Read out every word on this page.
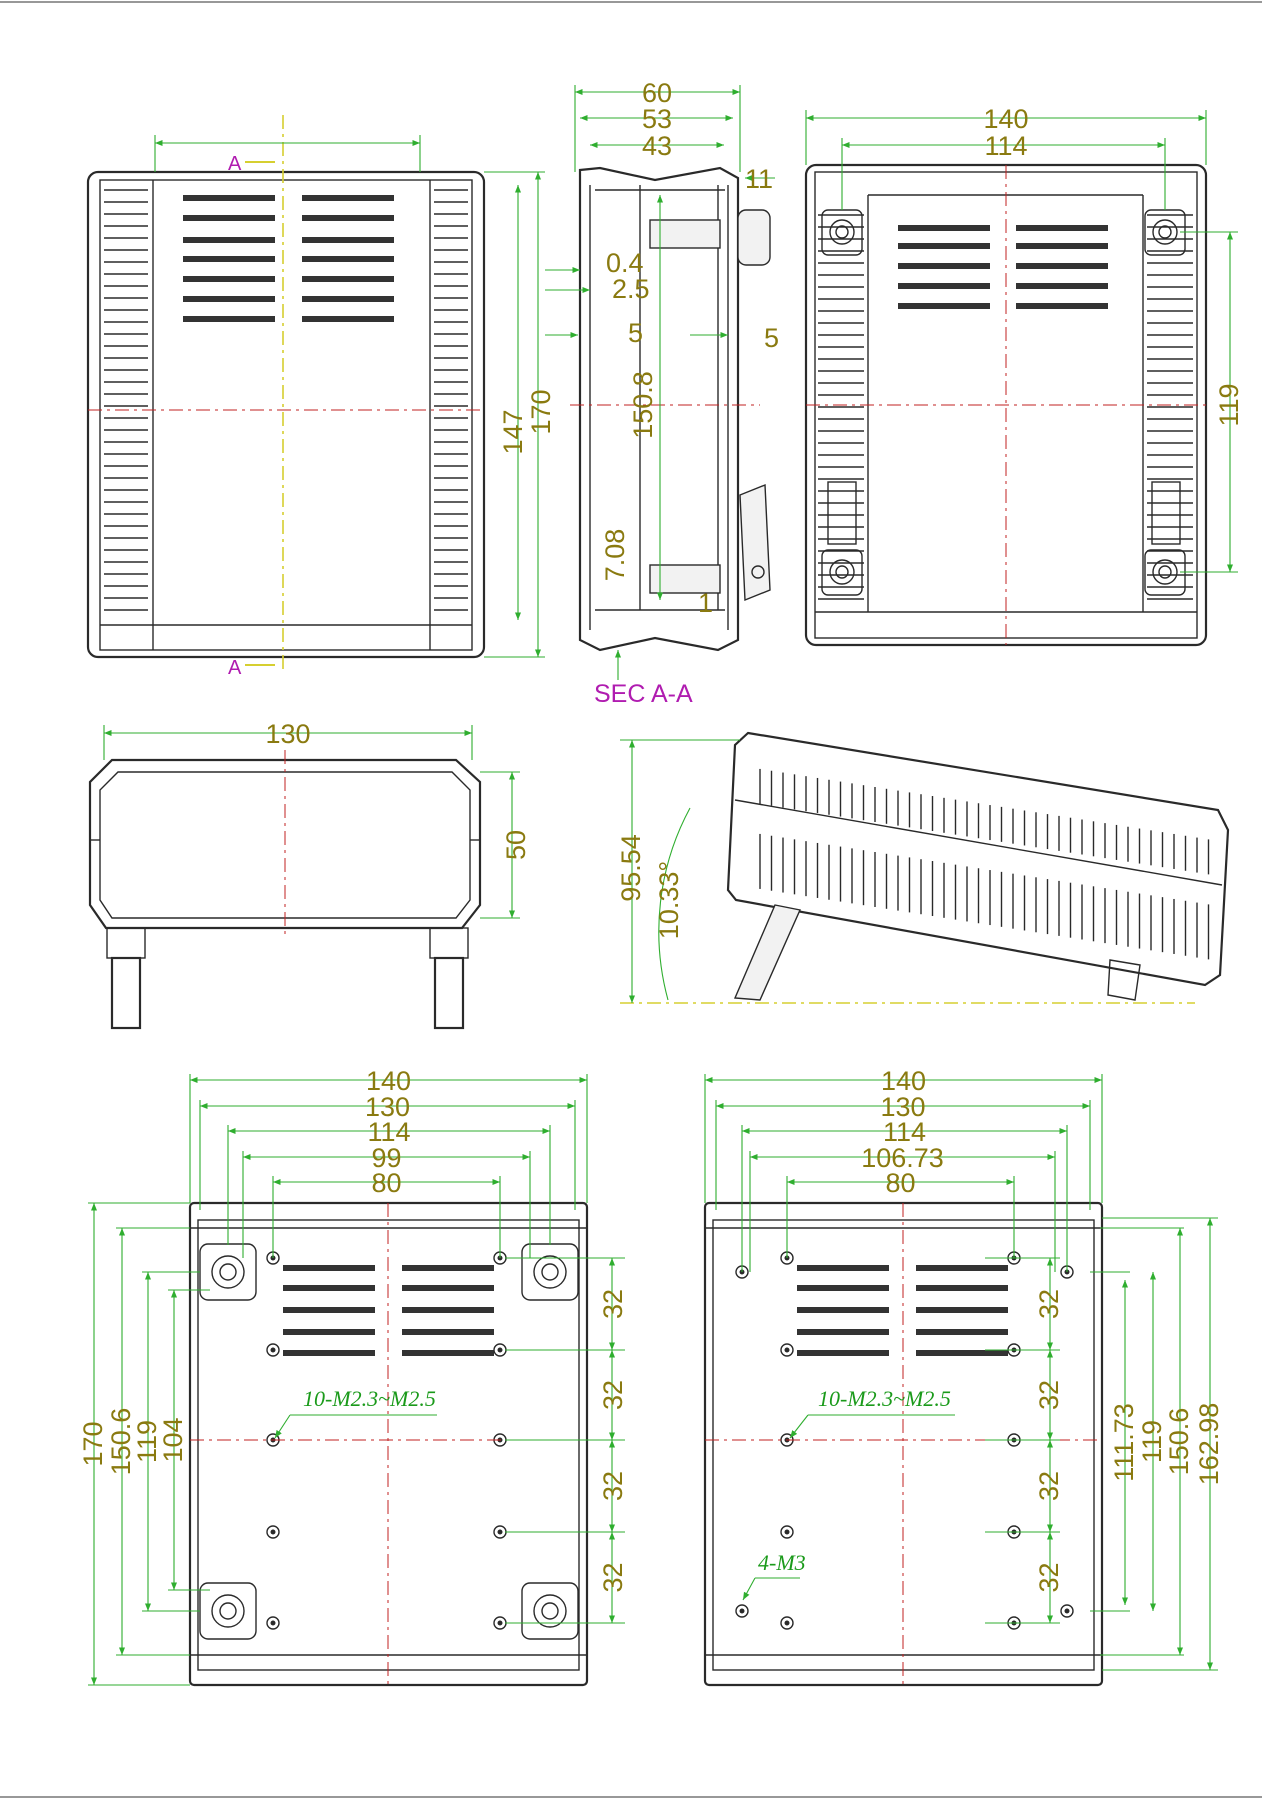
A
A
147
170
60
53
43
0.4
2.5
5	5
11
150.8
7.08
1
SEC A-A
140
114
119
130
50	95.54 10.33°
140
130
114
99
80
170
150.6
119
104
32
32
32
32
10-M2.3~M2.5
140
130
114
106.73
80
32
32
32
32
111.73
119
150.6 162.98
10-M2.3~M2.5
4-M3
